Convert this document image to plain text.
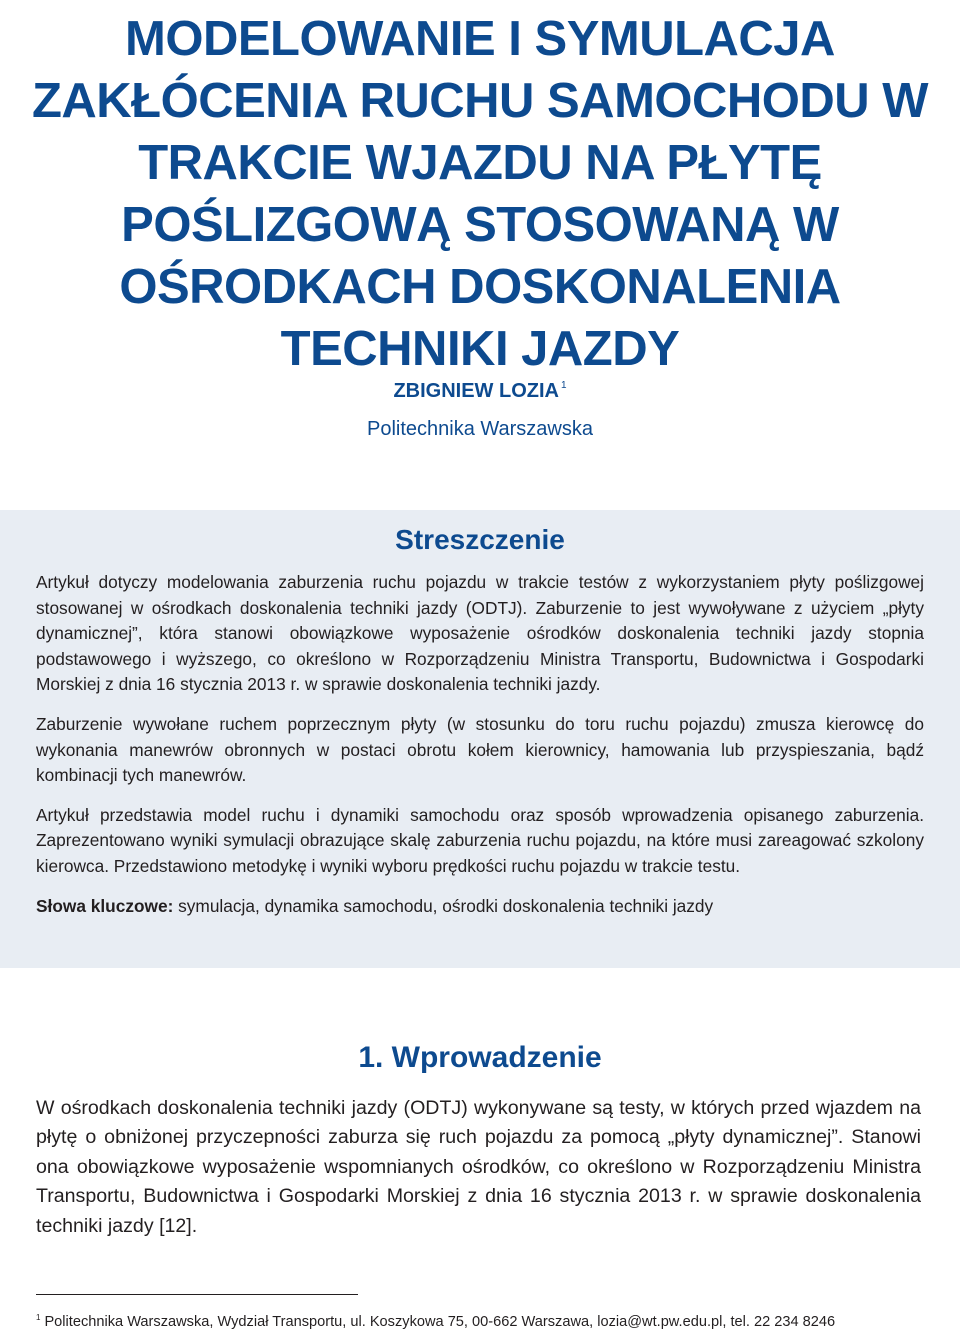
MODELOWANIE I SYMULACJA ZAKŁÓCENIA RUCHU SAMOCHODU W TRAKCIE WJAZDU NA PŁYTĘ POŚLIZGOWĄ STOSOWANĄ W OŚRODKACH DOSKONALENIA TECHNIKI JAZDY
ZBIGNIEW LOZIA $^1$
Politechnika Warszawska
Streszczenie

Artykuł dotyczy modelowania zaburzenia ruchu pojazdu w trakcie testów z wykorzystaniem płyty poślizgowej stosowanej w ośrodkach doskonalenia techniki jazdy (ODTJ). Zaburzenie to jest wywoływane z użyciem „płyty dynamicznej”, która stanowi obowiązkowe wyposażenie ośrodków doskonalenia techniki jazdy stopnia podstawowego i wyższego, co określono w Rozporządzeniu Ministra Transportu, Budownictwa i Gospodarki Morskiej z dnia 16 stycznia 2013 r. w sprawie doskonalenia techniki jazdy.

Zaburzenie wywołane ruchem poprzecznym płyty (w stosunku do toru ruchu pojazdu) zmusza kierowcę do wykonania manewrów obronnych w postaci obrotu kołem kierownicy, hamowania lub przyspieszania, bądź kombinacji tych manewrów.

Artykuł przedstawia model ruchu i dynamiki samochodu oraz sposób wprowadzenia opisanego zaburzenia. Zaprezentowano wyniki symulacji obrazujące skalę zaburzenia ruchu pojazdu, na które musi zareagować szkolony kierowca. Przedstawiono metodykę i wyniki wyboru prędkości ruchu pojazdu w trakcie testu.

Słowa kluczowe: symulacja, dynamika samochodu, ośrodki doskonalenia techniki jazdy

1. Wprowadzenie

W ośrodkach doskonalenia techniki jazdy (ODTJ) wykonywane są testy, w których przed wjazdem na płytę o obniżonej przyczepności zaburza się ruch pojazdu za pomocą „płyty dynamicznej”. Stanowi ona obowiązkowe wyposażenie wspomnianych ośrodków, co określono w Rozporządzeniu Ministra Transportu, Budownictwa i Gospodarki Morskiej z dnia 16 stycznia 2013 r. w sprawie doskonalenia techniki jazdy [12].

$^1$ Politechnika Warszawska, Wydział Transportu, ul. Koszykowa 75, 00-662 Warszawa, lozia@wt.pw.edu.pl, tel. 22 234 8246
